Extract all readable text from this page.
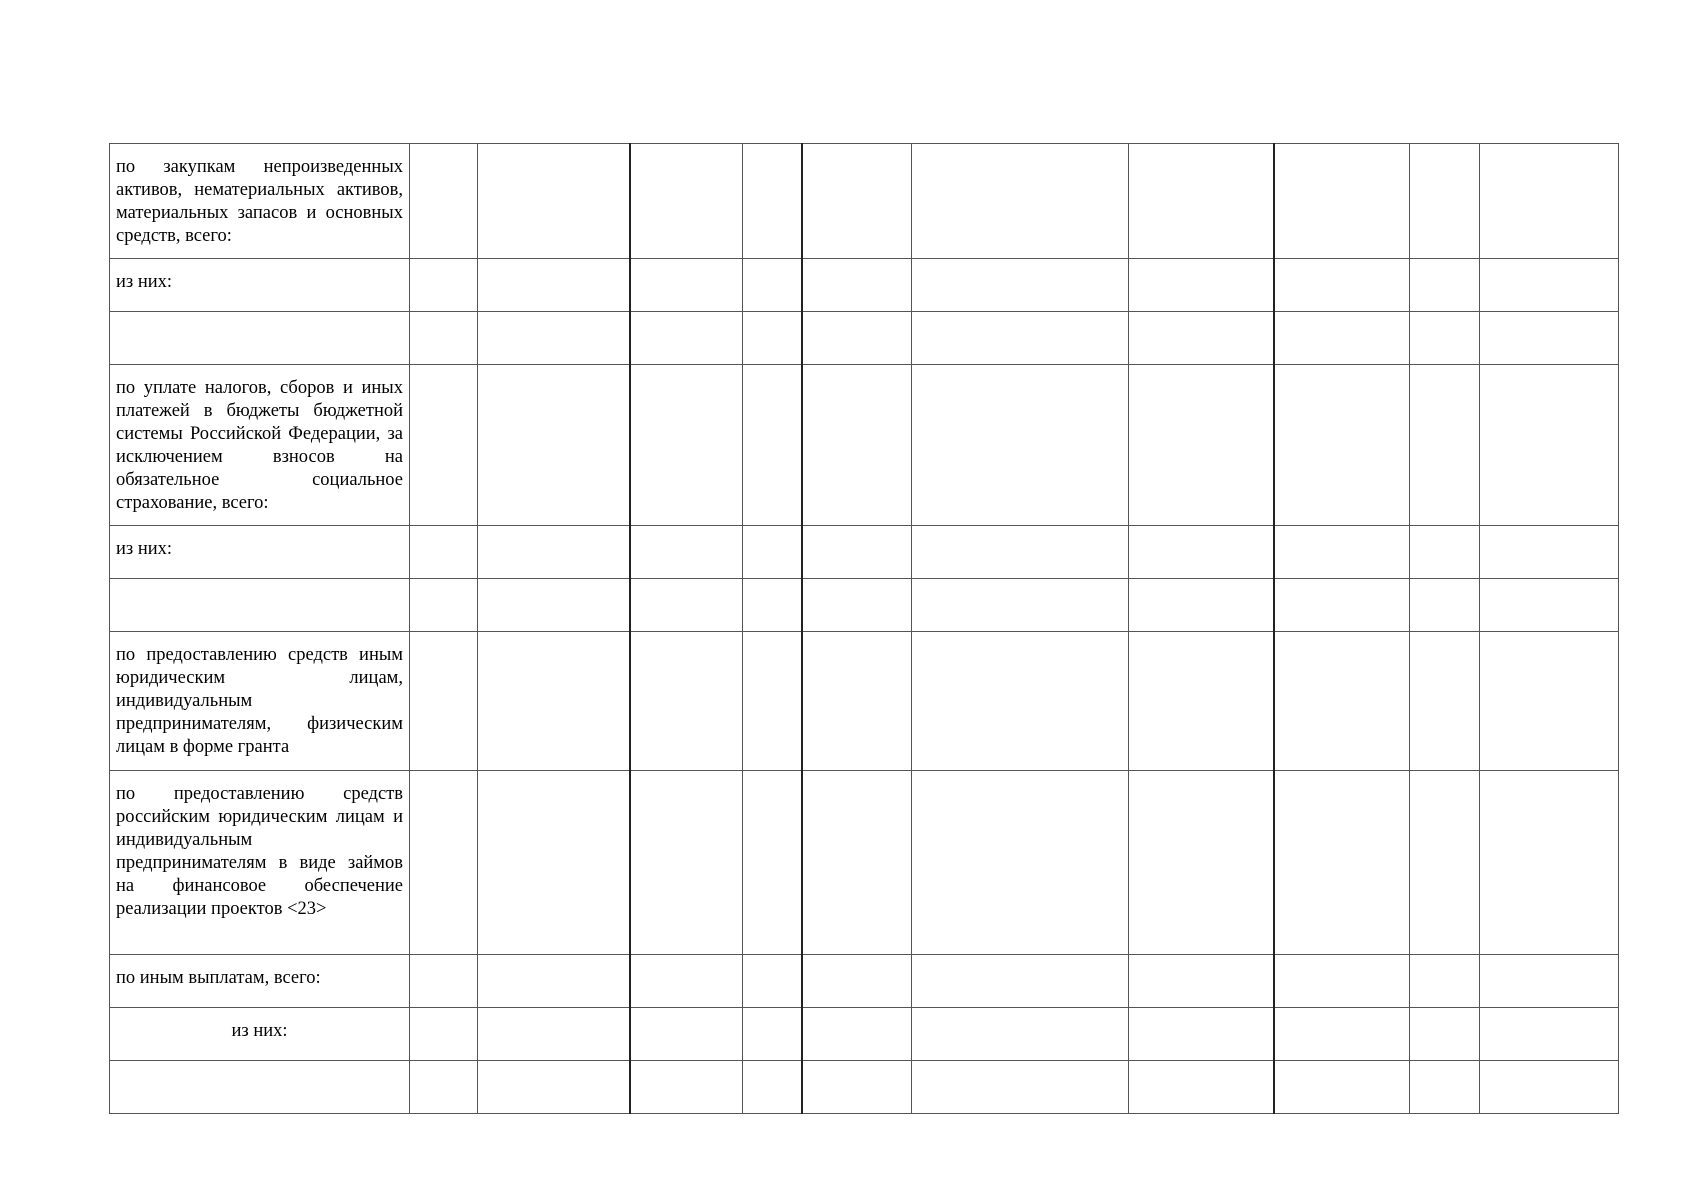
по закупкам непроизведенных активов, нематериальных активов, материальных запасов и основных средств, всего:										

из них:										

по уплате налогов, сборов и иных платежей в бюджеты бюджетной системы Российской Федерации, за исключением взносов на обязательное социальное страхование, всего:										

из них:										

по предоставлению средств иным юридическим лицам, индивидуальным предпринимателям, физическим лицам в форме гранта										

по предоставлению средств российским юридическим лицам и индивидуальным предпринимателям в виде займов на финансовое обеспечение реализации проектов <23>										

по иным выплатам, всего:										

из них:										
